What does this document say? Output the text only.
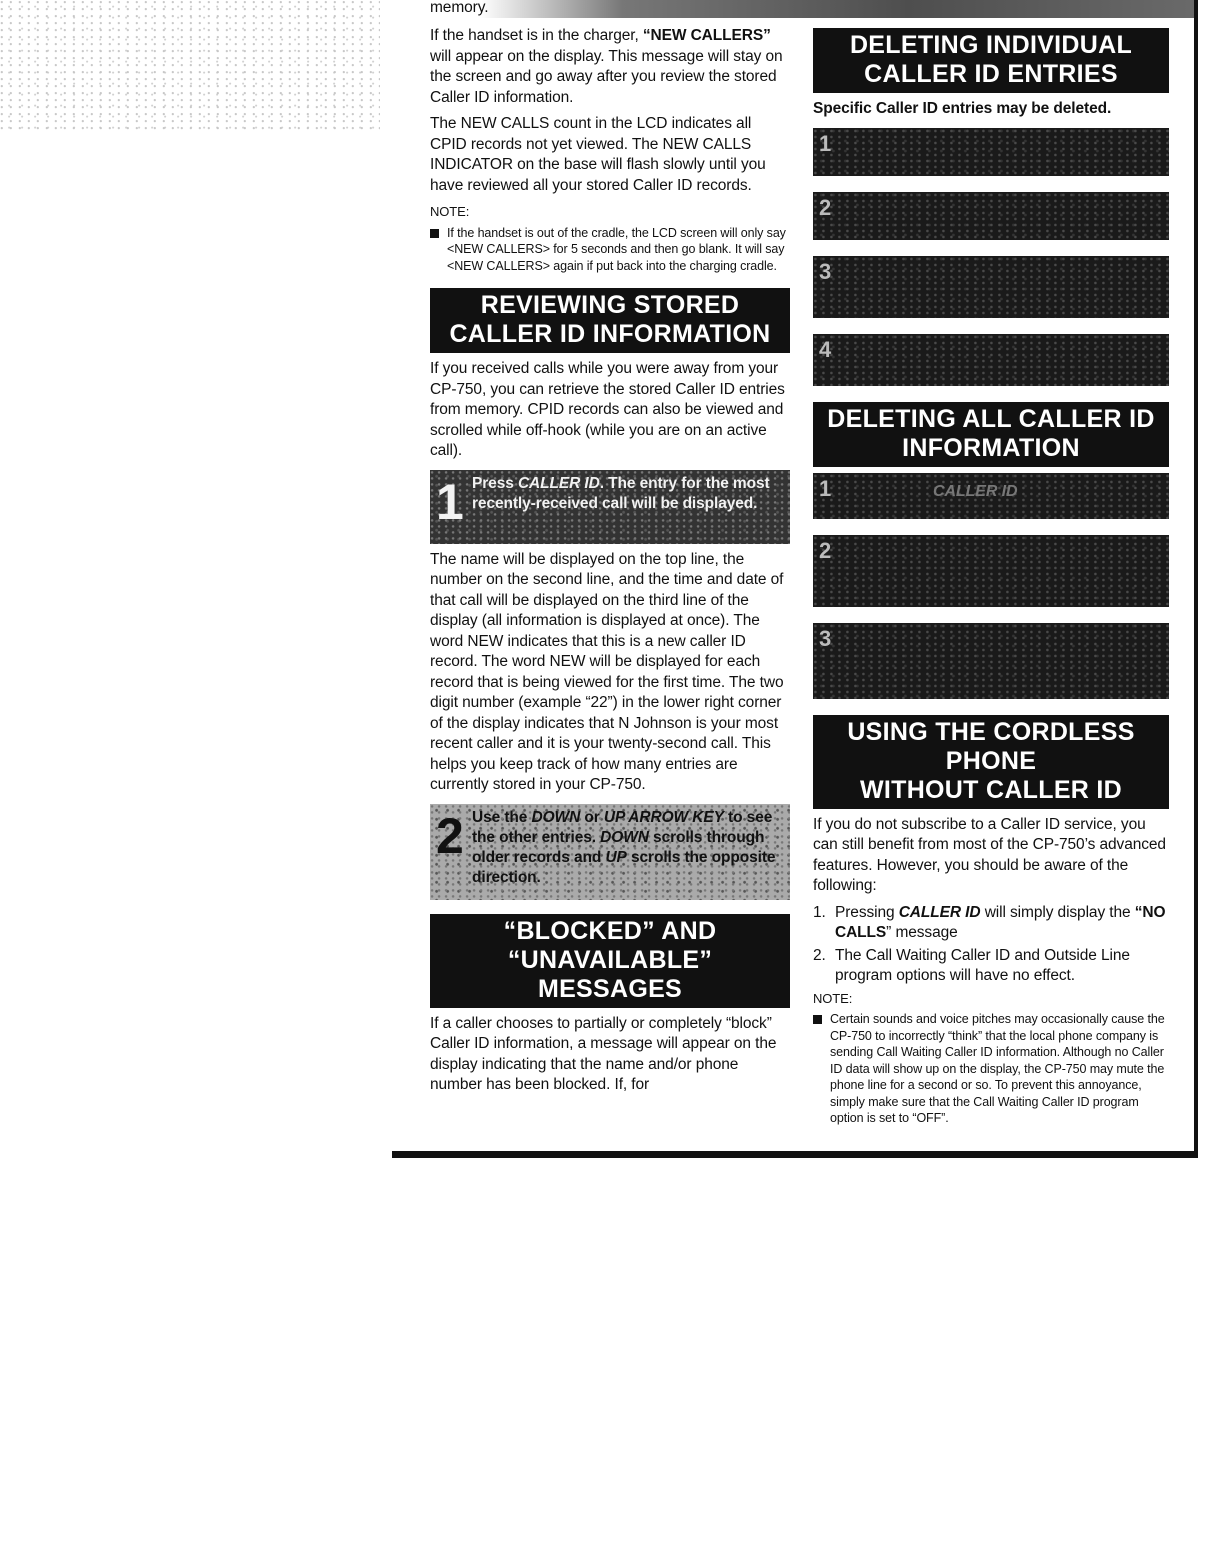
memory.

If the handset is in the charger, “NEW CALLERS” will appear on the display. This message will stay on the screen and go away after you review the stored Caller ID information.

The NEW CALLS count in the LCD indicates all CPID records not yet viewed. The NEW CALLS INDICATOR on the base will flash slowly until you have reviewed all your stored Caller ID records.

NOTE:
If the handset is out of the cradle, the LCD screen will only say <NEW CALLERS> for 5 seconds and then go blank. It will say <NEW CALLERS> again if put back into the charging cradle.
REVIEWING STORED
CALLER ID INFORMATION

If you received calls while you were away from your CP-750, you can retrieve the stored Caller ID entries from memory. CPID records can also be viewed and scrolled while off-hook (while you are on an active call).

1 Press CALLER ID. The entry for the most recently-received call will be displayed.

The name will be displayed on the top line, the number on the second line, and the time and date of that call will be displayed on the third line of the display (all information is displayed at once). The word NEW indicates that this is a new caller ID record. The word NEW will be displayed for each record that is being viewed for the first time. The two digit number (example “22”) in the lower right corner of the display indicates that N Johnson is your most recent caller and it is your twenty-second call. This helps you keep track of how many entries are currently stored in your CP-750.

2 Use the DOWN or UP ARROW KEY to see the other entries. DOWN scrolls through older records and UP scrolls the opposite direction.
“BLOCKED” AND
“UNAVAILABLE” MESSAGES

If a caller chooses to partially or completely “block” Caller ID information, a message will appear on the display indicating that the name and/or phone number has been blocked. If, for

DELETING INDIVIDUAL
CALLER ID ENTRIES
Specific Caller ID entries may be deleted.
1
2
3
4
DELETING ALL CALLER ID
INFORMATION
1	CALLER ID
2
3
USING THE CORDLESS PHONE
WITHOUT CALLER ID

If you do not subscribe to a Caller ID service, you can still benefit from most of the CP-750’s advanced features. However, you should be aware of the following:

1. Pressing CALLER ID will simply display the “NO CALLS” message
2. The Call Waiting Caller ID and Outside Line program options will have no effect.
NOTE:
Certain sounds and voice pitches may occasionally cause the CP-750 to incorrectly “think” that the local phone company is sending Call Waiting Caller ID information. Although no Caller ID data will show up on the display, the CP-750 may mute the phone line for a second or so. To prevent this annoyance, simply make sure that the Call Waiting Caller ID program option is set to “OFF”.
